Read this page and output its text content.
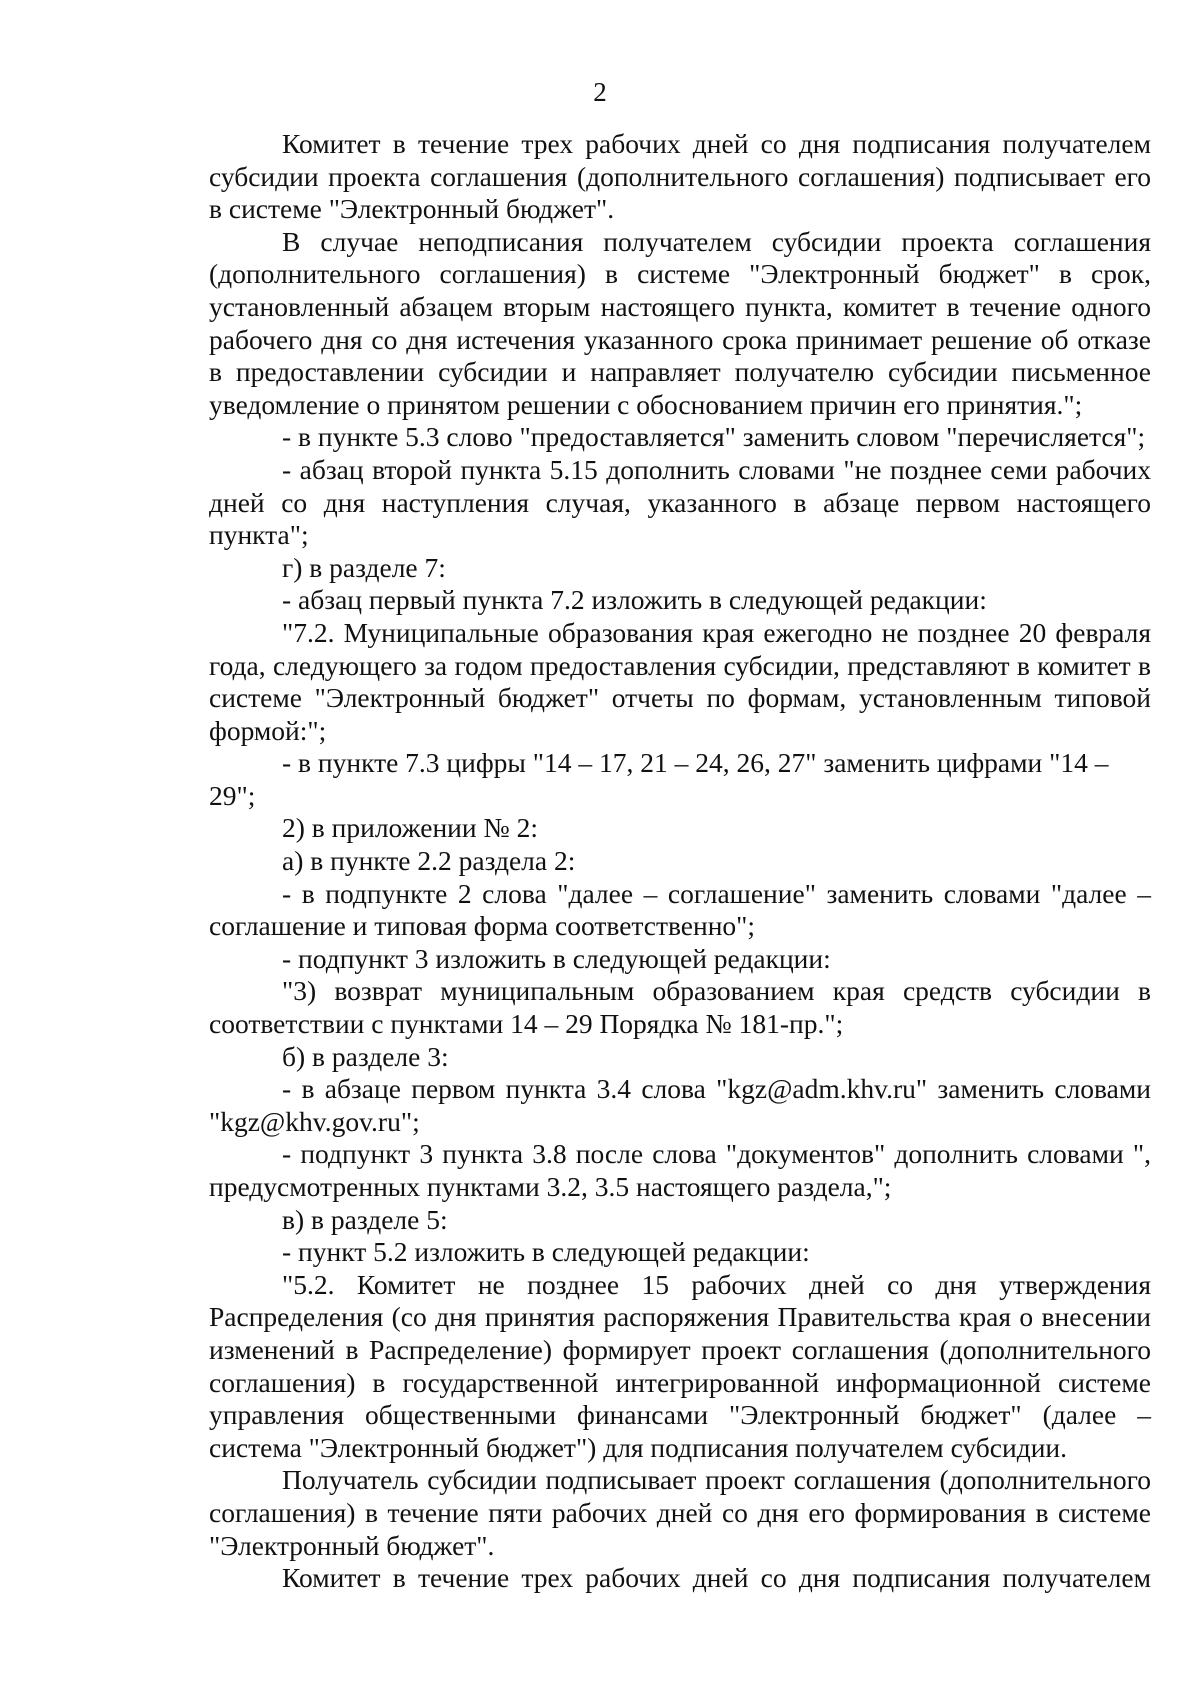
2

Комитет в течение трех рабочих дней со дня подписания получателем субсидии проекта соглашения (дополнительного соглашения) подписывает его в системе "Электронный бюджет".

В случае неподписания получателем субсидии проекта соглашения (дополнительного соглашения) в системе "Электронный бюджет" в срок, установленный абзацем вторым настоящего пункта, комитет в течение одного рабочего дня со дня истечения указанного срока принимает решение об отказе в предоставлении субсидии и направляет получателю субсидии письменное уведомление о принятом решении с обоснованием причин его принятия.";

- в пункте 5.3 слово "предоставляется" заменить словом "перечисляется";

- абзац второй пункта 5.15 дополнить словами "не позднее семи рабочих дней со дня наступления случая, указанного в абзаце первом настоящего пункта";

г) в разделе 7:

- абзац первый пункта 7.2 изложить в следующей редакции:

"7.2. Муниципальные образования края ежегодно не позднее 20 февраля года, следующего за годом предоставления субсидии, представляют в комитет в системе "Электронный бюджет" отчеты по формам, установленным типовой формой:";

- в пункте 7.3 цифры "14 – 17, 21 – 24, 26, 27" заменить цифрами "14 – 29";

2) в приложении № 2:

а) в пункте 2.2 раздела 2:

- в подпункте 2 слова "далее – соглашение" заменить словами "далее – соглашение и типовая форма соответственно";

- подпункт 3 изложить в следующей редакции:

"3) возврат муниципальным образованием края средств субсидии в соответствии с пунктами 14 – 29 Порядка № 181-пр.";

б) в разделе 3:

- в абзаце первом пункта 3.4 слова "kgz@adm.khv.ru" заменить словами "kgz@khv.gov.ru";

- подпункт 3 пункта 3.8 после слова "документов" дополнить словами ", предусмотренных пунктами 3.2, 3.5 настоящего раздела,";

в) в разделе 5:

- пункт 5.2 изложить в следующей редакции:

"5.2. Комитет не позднее 15 рабочих дней со дня утверждения Распределения (со дня принятия распоряжения Правительства края о внесении изменений в Распределение) формирует проект соглашения (дополнительного соглашения) в государственной интегрированной информационной системе управления общественными финансами "Электронный бюджет" (далее – система "Электронный бюджет") для подписания получателем субсидии.

Получатель субсидии подписывает проект соглашения (дополнительного соглашения) в течение пяти рабочих дней со дня его формирования в системе "Электронный бюджет".

Комитет в течение трех рабочих дней со дня подписания получателем
